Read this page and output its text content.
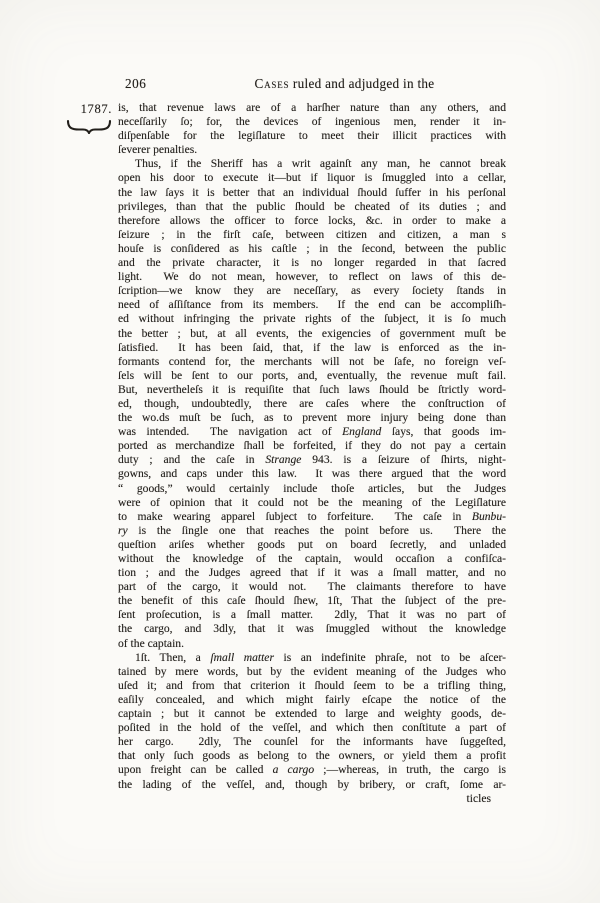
206	Cases ruled and adjudged in the
1787. is, that revenue laws are of a harſher nature than any others, and
neceſſarily ſo; for, the devices of ingenious men, render it in-
diſpenſable for the legiſlature to meet their illicit practices with
ſeverer penalties.
Thus, if the Sheriff has a writ againſt any man, he cannot break
open his door to execute it—but if liquor is ſmuggled into a cellar,
the law ſays it is better that an individual ſhould ſuffer in his perſonal
privileges, than that the public ſhould be cheated of its duties ; and
therefore allows the officer to force locks, &c. in order to make a
ſeizure ; in the firſt caſe, between citizen and citizen, a man s
houſe is conſidered as his caſtle ; in the ſecond, between the public
and the private character, it is no longer regarded in that ſacred
light.  We do not mean, however, to reflect on laws of this de-
ſcription—we know they are neceſſary, as every ſociety ſtands in
need of aſſiſtance from its members.  If the end can be accompliſh-
ed without infringing the private rights of the ſubject, it is ſo much
the better ; but, at all events, the exigencies of government muſt be
ſatisfied.  It has been ſaid, that, if the law is enforced as the in-
formants contend for, the merchants will not be ſafe, no foreign veſ-
ſels will be ſent to our ports, and, eventually, the revenue muſt fail.
But, nevertheleſs it is requiſite that ſuch laws ſhould be ſtrictly word-
ed, though, undoubtedly, there are caſes where the conſtruction of
the wo.ds muſt be ſuch, as to prevent more injury being done than
was intended.  The navigation act of England ſays, that goods im-
ported as merchandize ſhall be forfeited, if they do not pay a certain
duty ; and the caſe in Strange 943. is a ſeizure of ſhirts, night-
gowns, and caps under this law.  It was there argued that the word
“ goods,” would certainly include thoſe articles, but the Judges
were of opinion that it could not be the meaning of the Legiſlature
to make wearing apparel ſubject to forfeiture.  The caſe in Bunbu-
ry is the ſingle one that reaches the point before us.  There the
queſtion ariſes whether goods put on board ſecretly, and unladed
without the knowledge of the captain, would occaſion a confiſca-
tion ; and the Judges agreed that if it was a ſmall matter, and no
part of the cargo, it would not.  The claimants therefore to have
the benefit of this caſe ſhould ſhew, 1ſt, That the ſubject of the pre-
ſent proſecution, is a ſmall matter.  2dly, That it was no part of
the cargo, and 3dly, that it was ſmuggled without the knowledge
of the captain.
1ſt. Then, a ſmall matter is an indefinite phraſe, not to be aſcer-
tained by mere words, but by the evident meaning of the Judges who
uſed it; and from that criterion it ſhould ſeem to be a trifling thing,
eaſily concealed, and which might fairly eſcape the notice of the
captain ; but it cannot be extended to large and weighty goods, de-
poſited in the hold of the veſſel, and which then conſtitute a part of
her cargo.  2dly, The counſel for the informants have ſuggeſted,
that only ſuch goods as belong to the owners, or yield them a profit
upon freight can be called a cargo ;—whereas, in truth, the cargo is
the lading of the veſſel, and, though by bribery, or craft, ſome ar-
ticles
